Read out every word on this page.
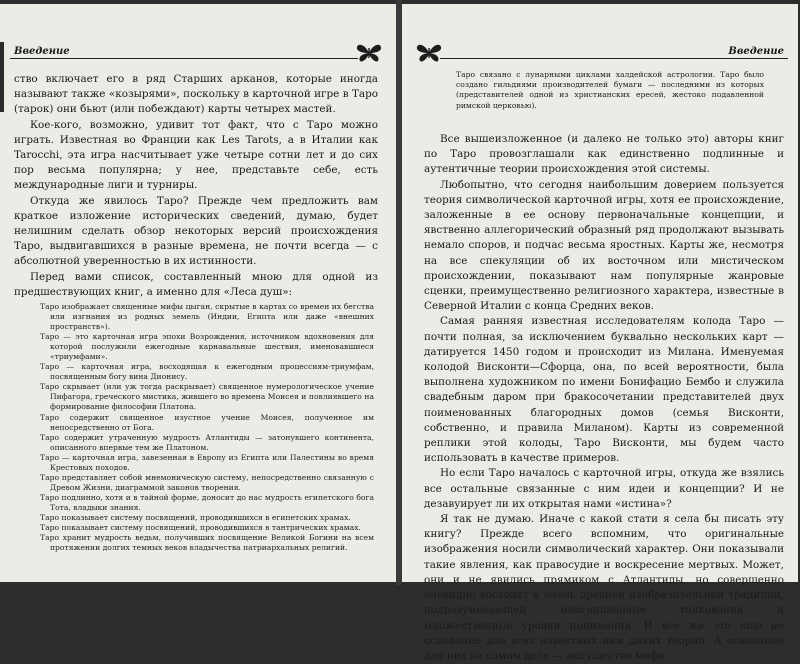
Введение

ство включает его в ряд Старших арканов, которые иногда называют также «козырями», поскольку в карточной игре в Таро (тарок) они бьют (или побеждают) карты четырех мастей.

Кое-кого, возможно, удивит тот факт, что с Таро можно играть. Известная во Франции как Les Tarots, а в Италии как Tarocchi, эта игра насчитывает уже четыре сотни лет и до сих пор весьма популярна; у нее, представьте себе, есть международные лиги и турниры.

Откуда же явилось Таро? Прежде чем предложить вам краткое изложение исторических сведений, думаю, будет нелишним сделать обзор некоторых версий происхождения Таро, выдвигавшихся в разные времена, не почти всегда — с абсолютной уверенностью в их истинности.

Перед вами список, составленный мною для одной из предшествующих книг, а именно для «Леса душ»:

Таро изображает священные мифы цыган, скрытые в картах со времен их бегства или изгнания из родных земель (Индии, Египта или даже «внешних пространств»).

Таро — это карточная игра эпохи Возрождения, источником вдохновения для которой послужили ежегодные карнавальные шествия, именовавшиеся «триумфами».

Таро — карточная игра, восходящая к ежегодным процессиям-триумфам, посвященным богу вина Дионису.

Таро скрывает (или уж тогда раскрывает) священное нумерологическое учение Пифагора, греческого мистика, жившего во времена Моисея и повлиявшего на формирование философии Платона.

Таро содержит священное изустное учение Моисея, полученное им непосредственно от Бога.

Таро содержит утраченную мудрость Атлантиды — затонувшего континента, описанного впервые тем же Платоном.

Таро — карточная игра, завезенная в Европу из Египта или Палестины во время Крестовых походов.

Таро представляет собой мнемоническую систему, непосредственно связанную с Древом Жизни, диаграммой законов творения.

Таро подлинно, хотя и в тайной форме, доносит до нас мудрость египетского бога Тота, владыки знания.

Таро показывает систему посвящений, проводившихся в египетских храмах.

Таро показывает систему посвящений, проводившихся в тантрических храмах.

Таро хранит мудрость ведьм, получивших посвящение Великой Богини на всем протяжении долгих темных веков владычества патриархальных религий.

Введение

Таро связано с лунарными циклами халдейской астрологии. Таро было создано гильдиями производителей бумаги — последними из которых (представителей одной из христианских ересей, жестоко подавленной римской церковью).

Все вышеизложенное (и далеко не только это) авторы книг по Таро провозглашали как единственно подлинные и аутентичные теории происхождения этой системы.

Любопытно, что сегодня наибольшим доверием пользуется теория символической карточной игры, хотя ее происхождение, заложенные в ее основу первоначальные концепции, и явственно аллегорический образный ряд продолжают вызывать немало споров, и подчас весьма яростных. Карты же, несмотря на все спекуляции об их восточном или мистическом происхождении, показывают нам популярные жанровые сценки, преимущественно религиозного характера, известные в Северной Италии с конца Средних веков.

Самая ранняя известная исследователям колода Таро — почти полная, за исключением буквально нескольких карт — датируется 1450 годом и происходит из Милана. Именуемая колодой Висконти—Сфорца, она, по всей вероятности, была выполнена художником по имени Бонифацио Бембо и служила свадебным даром при бракосочетании представителей двух поименованных благородных домов (семья Висконти, собственно, и правила Миланом). Карты из современной реплики этой колоды, Таро Висконти, мы будем часто использовать в качестве примеров.

Но если Таро началось с карточной игры, откуда же взялись все остальные связанные с ним идеи и концепции? И не дезавуирует ли их открытая нами «истина»?

Я так не думаю. Иначе с какой стати я села бы писать эту книгу? Прежде всего вспомним, что оригинальные изображения носили символический характер. Они показывали такие явления, как правосудие и воскресение мертвых. Может, они и не явились прямиком с Атлантиды, но совершенно очевидно восходят к очень древней изобразительной традиции, подразумевающей многоплановые толкования и множественные уровни понимания. И все же это еще не основание для всех известных нам диких теорий. А основание для них на самом деле — могущество мифа.
